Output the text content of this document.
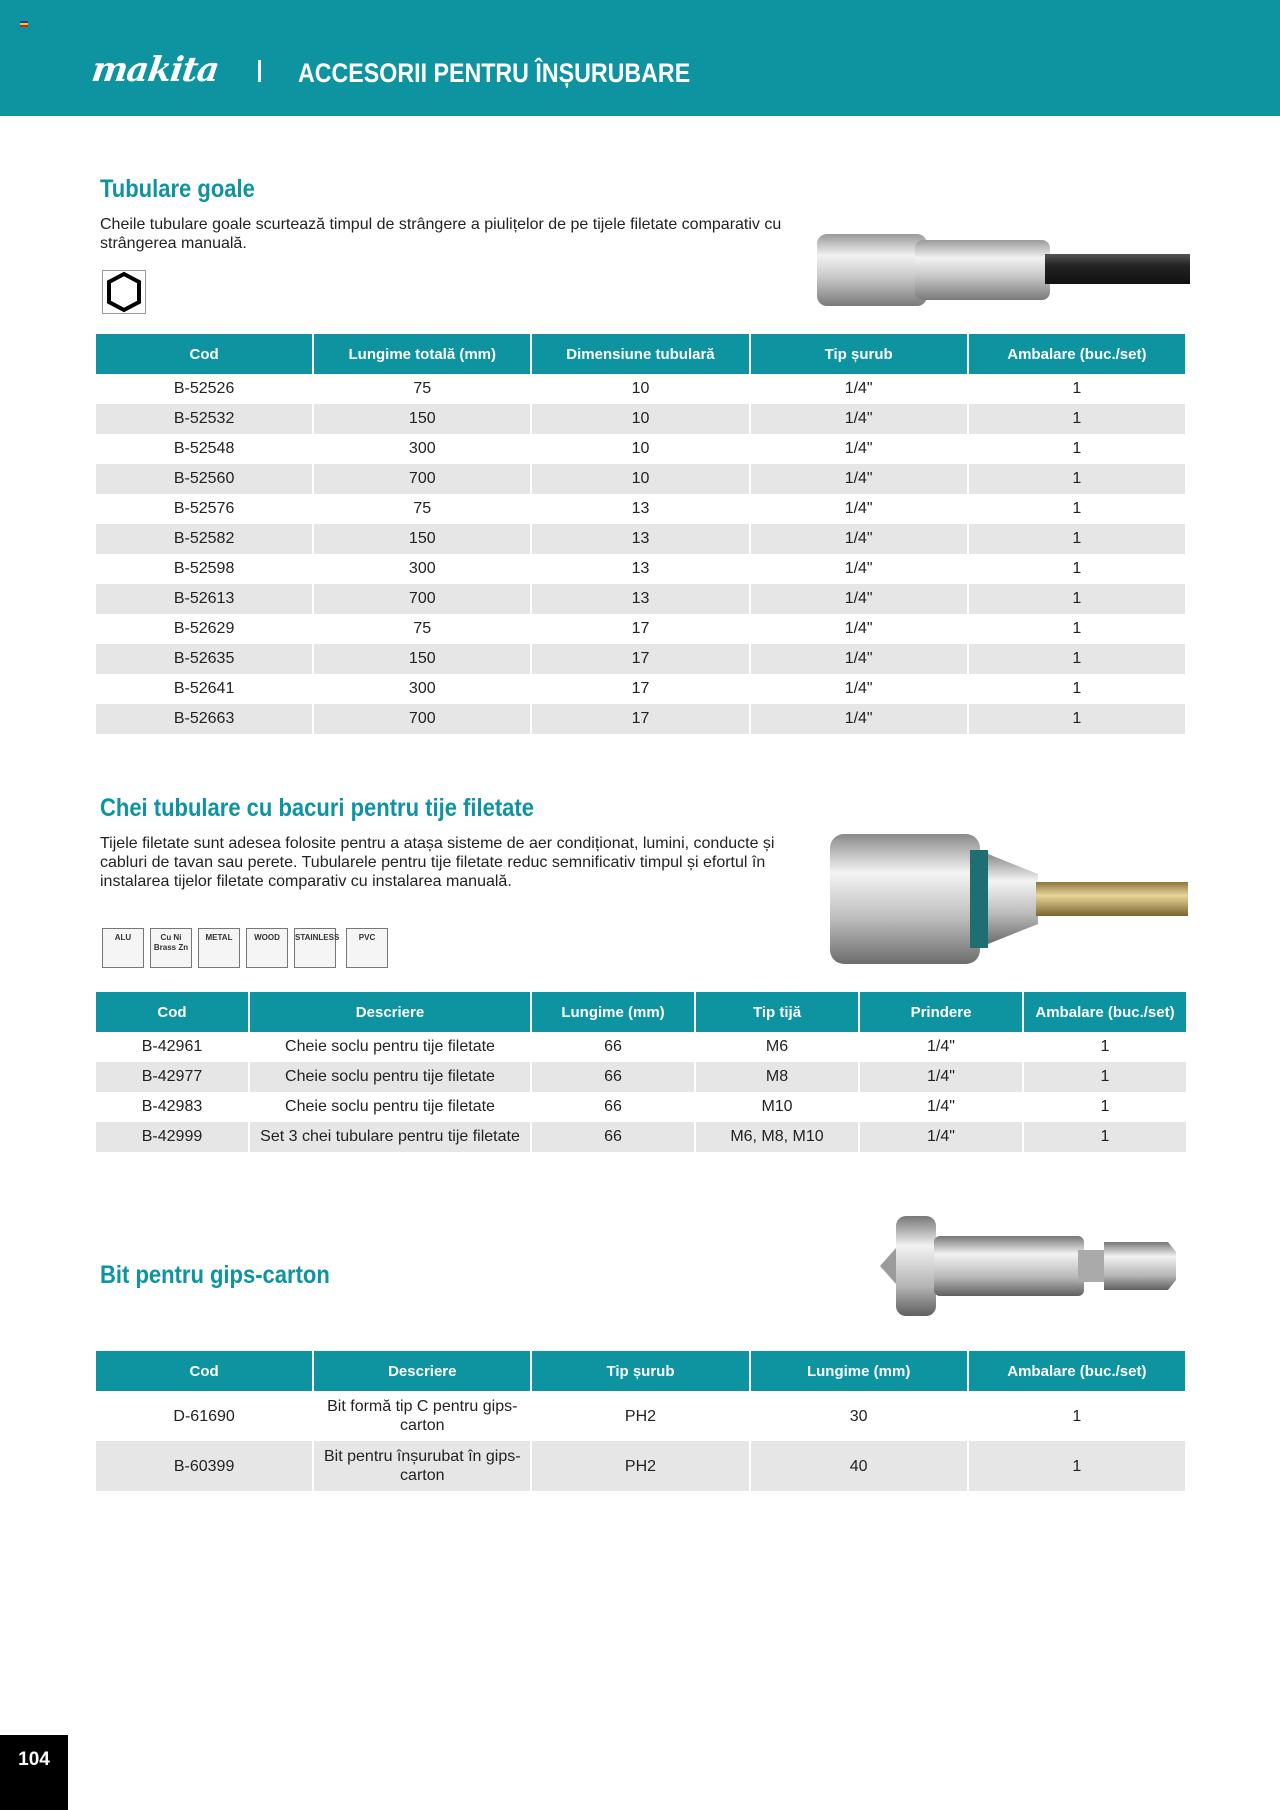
makita	ACCESORII PENTRU ÎNȘURUBARE
Tubulare goale
Cheile tubulare goale scurtează timpul de strângere a piulițelor de pe tijele filetate comparativ cu strângerea manuală.
Cod	Lungime totală (mm)	Dimensiune tubulară	Tip șurub	Ambalare (buc./set)
B-52526	75	10	1/4"	1
B-52532	150	10	1/4"	1
B-52548	300	10	1/4"	1
B-52560	700	10	1/4"	1
B-52576	75	13	1/4"	1
B-52582	150	13	1/4"	1
B-52598	300	13	1/4"	1
B-52613	700	13	1/4"	1
B-52629	75	17	1/4"	1
B-52635	150	17	1/4"	1
B-52641	300	17	1/4"	1
B-52663	700	17	1/4"	1
Chei tubulare cu bacuri pentru tije filetate
Tijele filetate sunt adesea folosite pentru a atașa sisteme de aer condiționat, lumini, conducte și cabluri de tavan sau perete. Tubularele pentru tije filetate reduc semnificativ timpul și efortul în instalarea tijelor filetate comparativ cu instalarea manuală.
ALU	Cu Ni Brass Zn
METAL	WOOD	STAINLESS	PVC
Cod	Descriere	Lungime (mm)	Tip tijă	Prindere	Ambalare (buc./set)
B-42961	Cheie soclu pentru tije filetate	66	M6	1/4"	1
B-42977	Cheie soclu pentru tije filetate	66	M8	1/4"	1
B-42983	Cheie soclu pentru tije filetate	66	M10	1/4"	1
B-42999	Set 3 chei tubulare pentru tije filetate	66	M6, M8, M10	1/4"	1
Bit pentru gips-carton
Cod	Descriere	Tip șurub	Lungime (mm)	Ambalare (buc./set)
D-61690	Bit formă tip C pentru gips-carton	PH2	30	1
B-60399	Bit pentru înșurubat în gips-carton	PH2	40	1
104
